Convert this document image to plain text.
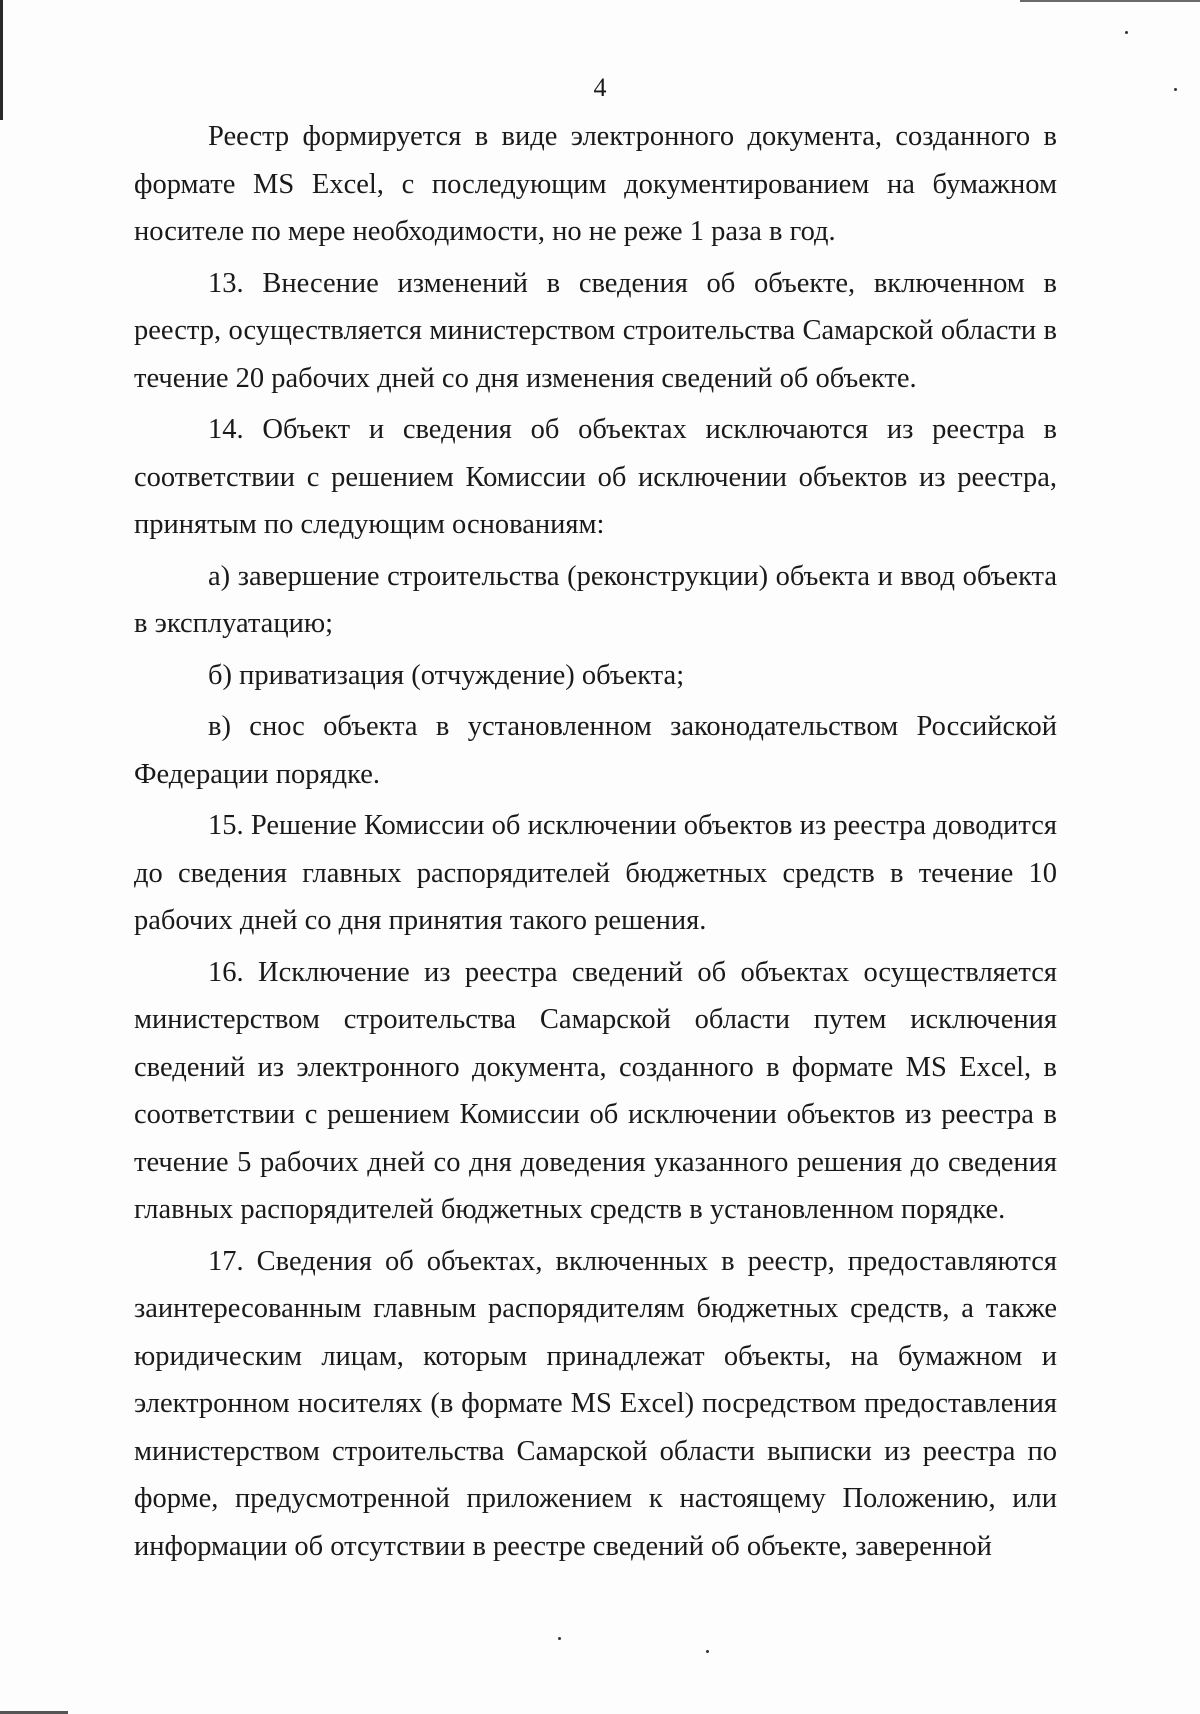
4

Реестр формируется в виде электронного документа, созданного в формате MS Excel, с последующим документированием на бумажном носителе по мере необходимости, но не реже 1 раза в год.

13. Внесение изменений в сведения об объекте, включенном в реестр, осуществляется министерством строительства Самарской области в течение 20 рабочих дней со дня изменения сведений об объекте.

14. Объект и сведения об объектах исключаются из реестра в соответствии с решением Комиссии об исключении объектов из реестра, принятым по следующим основаниям:

а) завершение строительства (реконструкции) объекта и ввод объекта в эксплуатацию;

б) приватизация (отчуждение) объекта;

в) снос объекта в установленном законодательством Российской Федерации порядке.

15. Решение Комиссии об исключении объектов из реестра доводится до сведения главных распорядителей бюджетных средств в течение 10 рабочих дней со дня принятия такого решения.

16. Исключение из реестра сведений об объектах осуществляется министерством строительства Самарской области путем исключения сведений из электронного документа, созданного в формате MS Excel, в соответствии с решением Комиссии об исключении объектов из реестра в течение 5 рабочих дней со дня доведения указанного решения до сведения главных распорядителей бюджетных средств в установленном порядке.

17. Сведения об объектах, включенных в реестр, предоставляются заинтересованным главным распорядителям бюджетных средств, а также юридическим лицам, которым принадлежат объекты, на бумажном и электронном носителях (в формате MS Excel) посредством предоставления министерством строительства Самарской области выписки из реестра по форме, предусмотренной приложением к настоящему Положению, или информации об отсутствии в реестре сведений об объекте, заверенной
